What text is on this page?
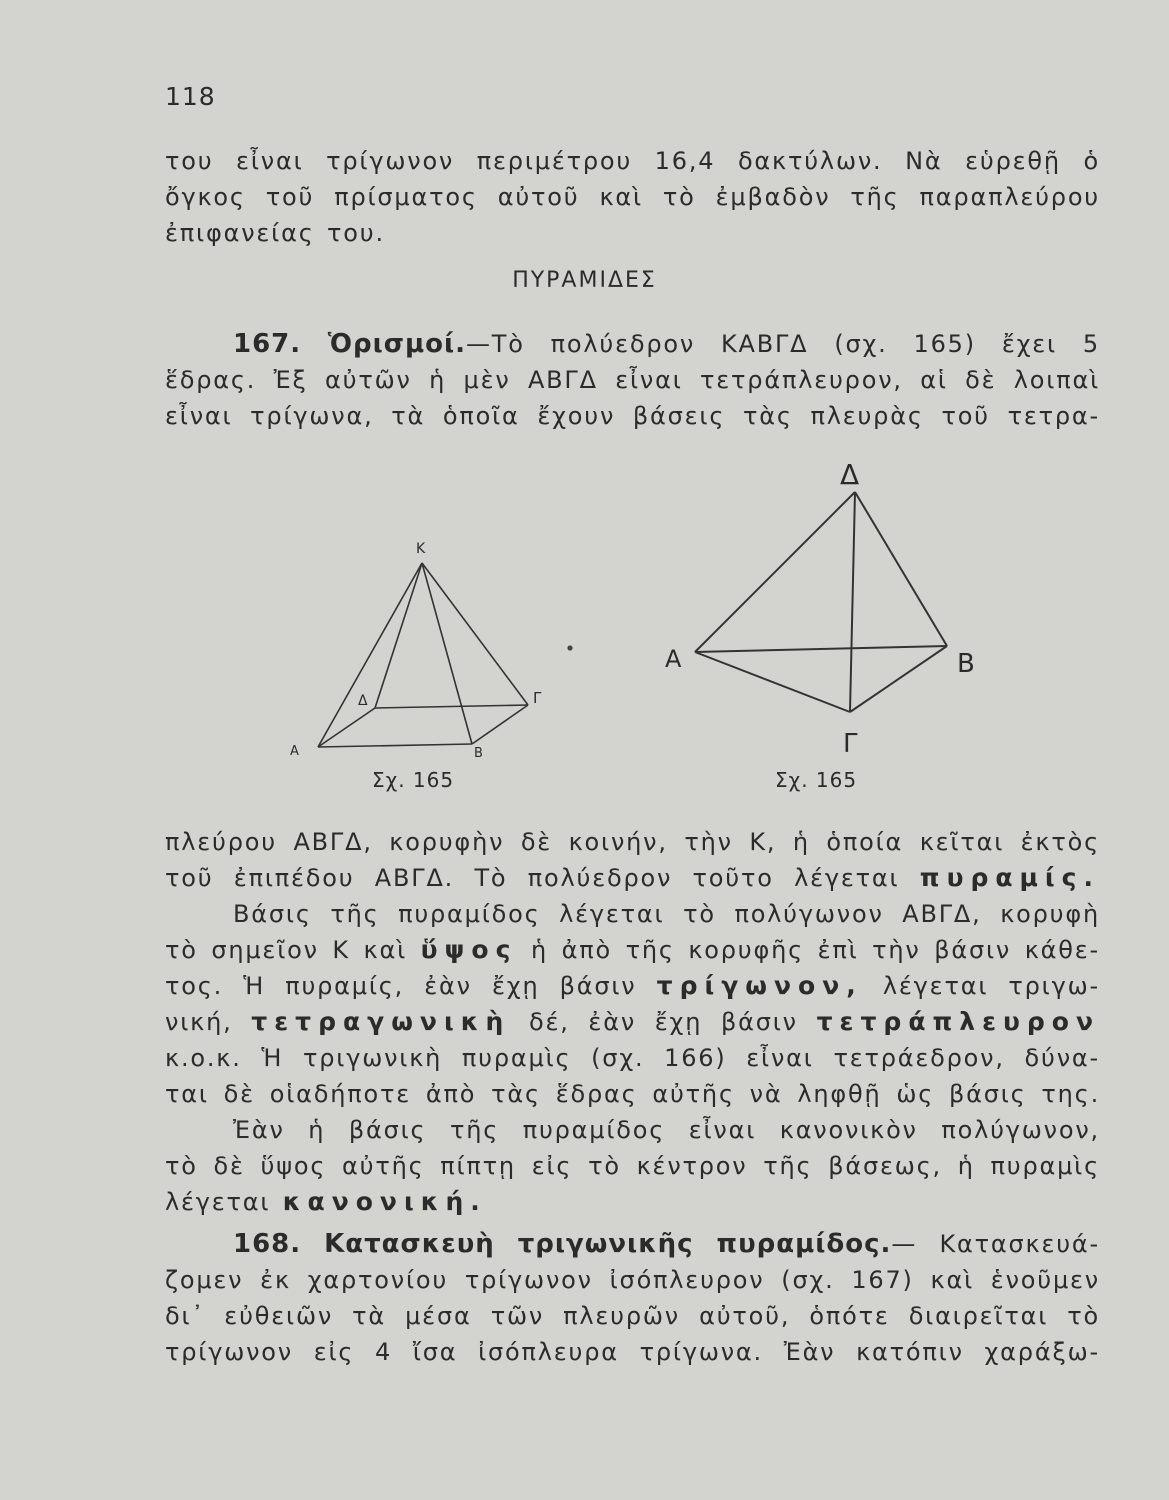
118
του εἶναι τρίγωνον περιμέτρου 16,4 δακτύλων. Νὰ εὑρεθῇ ὁ
ὄγκος τοῦ πρίσματος αὐτοῦ καὶ τὸ ἐμβαδὸν τῆς παραπλεύρου
ἐπιφανείας του.
ΠΥΡΑΜΙΔΕΣ
167. Ὁρισμοί.—Τὸ πολύεδρον ΚΑΒΓΔ (σχ. 165) ἔχει 5
ἕδρας. Ἐξ αὐτῶν ἡ μὲν ΑΒΓΔ εἶναι τετράπλευρον, αἱ δὲ λοιπαὶ
εἶναι τρίγωνα, τὰ ὁποῖα ἔχουν βάσεις τὰς πλευρὰς τοῦ τετρα-
Κ
Α	Β
Γ
Δ
Σχ. 165
Δ
Α	Β
Γ
Σχ. 165
πλεύρου ΑΒΓΔ, κορυφὴν δὲ κοινήν, τὴν Κ, ἡ ὁποία κεῖται ἐκτὸς
τοῦ ἐπιπέδου ΑΒΓΔ. Τὸ πολύεδρον τοῦτο λέγεται πυραμίς.
Βάσις τῆς πυραμίδος λέγεται τὸ πολύγωνον ΑΒΓΔ, κορυφὴ
τὸ σημεῖον Κ καὶ ὕψος ἡ ἀπὸ τῆς κορυφῆς ἐπὶ τὴν βάσιν κάθε-
τος. Ἡ πυραμίς, ἐὰν ἔχῃ βάσιν τρίγωνον, λέγεται τριγω-
νική, τετραγωνικὴ δέ, ἐὰν ἔχῃ βάσιν τετράπλευρον
κ.ο.κ. Ἡ τριγωνικὴ πυραμὶς (σχ. 166) εἶναι τετράεδρον, δύνα-
ται δὲ οἱαδήποτε ἀπὸ τὰς ἕδρας αὐτῆς νὰ ληφθῇ ὡς βάσις της.
Ἐὰν ἡ βάσις τῆς πυραμίδος εἶναι κανονικὸν πολύγωνον,
τὸ δὲ ὕψος αὐτῆς πίπτῃ εἰς τὸ κέντρον τῆς βάσεως, ἡ πυραμὶς
λέγεται κανονική.
168. Κατασκευὴ τριγωνικῆς πυραμίδος.— Κατασκευά-
ζομεν ἐκ χαρτονίου τρίγωνον ἰσόπλευρον (σχ. 167) καὶ ἑνοῦμεν
δι᾽ εὐθειῶν τὰ μέσα τῶν πλευρῶν αὐτοῦ, ὁπότε διαιρεῖται τὸ
τρίγωνον εἰς 4 ἴσα ἰσόπλευρα τρίγωνα. Ἐὰν κατόπιν χαράξω-
